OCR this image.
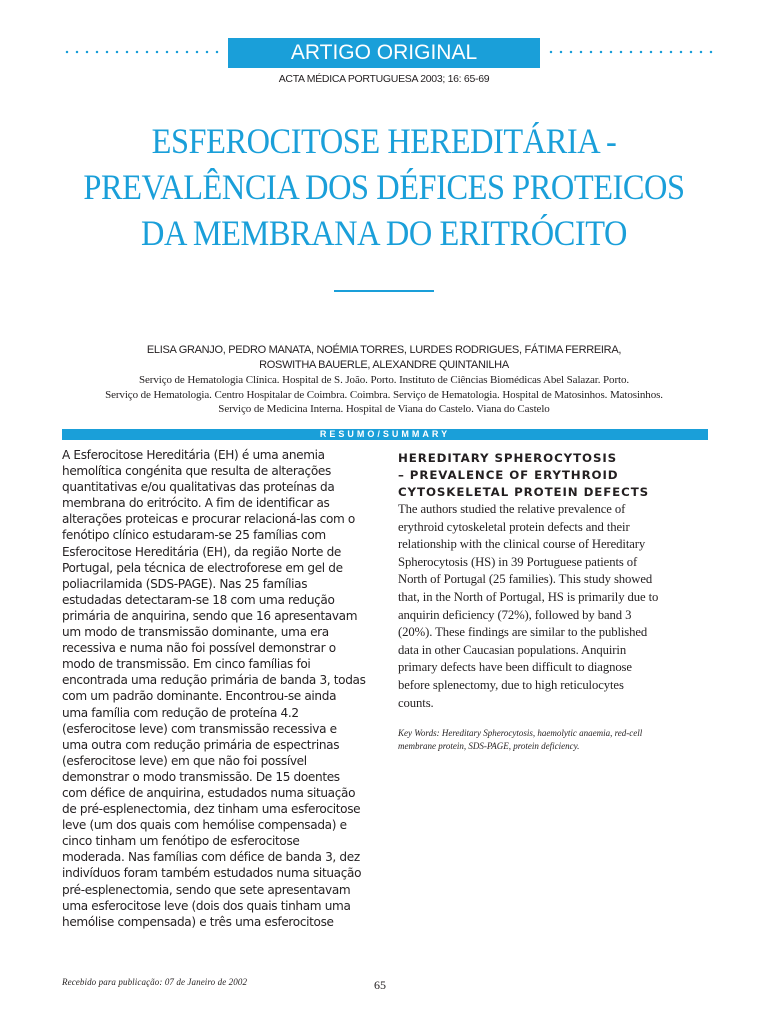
ARTIGO ORIGINAL
ACTA MÉDICA PORTUGUESA 2003; 16: 65-69
ESFEROCITOSE HEREDITÁRIA -
PREVALÊNCIA DOS DÉFICES PROTEICOS
DA MEMBRANA DO ERITRÓCITO
ELISA GRANJO, PEDRO MANATA, NOÉMIA TORRES, LURDES RODRIGUES, FÁTIMA FERREIRA,
ROSWITHA BAUERLE, ALEXANDRE QUINTANILHA
Serviço de Hematologia Clínica. Hospital de S. João. Porto. Instituto de Ciências Biomédicas Abel Salazar. Porto.
Serviço de Hematologia. Centro Hospitalar de Coimbra. Coimbra. Serviço de Hematologia. Hospital de Matosinhos. Matosinhos.
Serviço de Medicina Interna. Hospital de Viana do Castelo. Viana do Castelo
RESUMO/SUMMARY
A Esferocitose Hereditária (EH) é uma anemia
hemolítica congénita que resulta de alterações
quantitativas e/ou qualitativas das proteínas da
membrana do eritrócito. A fim de identificar as
alterações proteicas e procurar relacioná-las com o
fenótipo clínico estudaram-se 25 famílias com
Esferocitose Hereditária (EH), da região Norte de
Portugal, pela técnica de electroforese em gel de
poliacrilamida (SDS-PAGE). Nas 25 famílias
estudadas detectaram-se 18 com uma redução
primária de anquirina, sendo que 16 apresentavam
um modo de transmissão dominante, uma era
recessiva e numa não foi possível demonstrar o
modo de transmissão. Em cinco famílias foi
encontrada uma redução primária de banda 3, todas
com um padrão dominante. Encontrou-se ainda
uma família com redução de proteína 4.2
(esferocitose leve) com transmissão recessiva e
uma outra com redução primária de espectrinas
(esferocitose leve) em que não foi possível
demonstrar o modo transmissão. De 15 doentes
com défice de anquirina, estudados numa situação
de pré-esplenectomia, dez tinham uma esferocitose
leve (um dos quais com hemólise compensada) e
cinco tinham um fenótipo de esferocitose
moderada. Nas famílias com défice de banda 3, dez
indivíduos foram também estudados numa situação
pré-esplenectomia, sendo que sete apresentavam
uma esferocitose leve (dois dos quais tinham uma
hemólise compensada) e três uma esferocitose
HEREDITARY SPHEROCYTOSIS
– PREVALENCE OF ERYTHROID
CYTOSKELETAL PROTEIN DEFECTS
The authors studied the relative prevalence of
erythroid cytoskeletal protein defects and their
relationship with the clinical course of Hereditary
Spherocytosis (HS) in 39 Portuguese patients of
North of Portugal (25 families). This study showed
that, in the North of Portugal, HS is primarily due to
anquirin deficiency (72%), followed by band 3
(20%). These findings are similar to the published
data in other Caucasian populations. Anquirin
primary defects have been difficult to diagnose
before splenectomy, due to high reticulocytes
counts.
Key Words: Hereditary Spherocytosis, haemolytic anaemia, red-cell
membrane protein, SDS-PAGE, protein deficiency.
Recebido para publicação: 07 de Janeiro de 2002	65
